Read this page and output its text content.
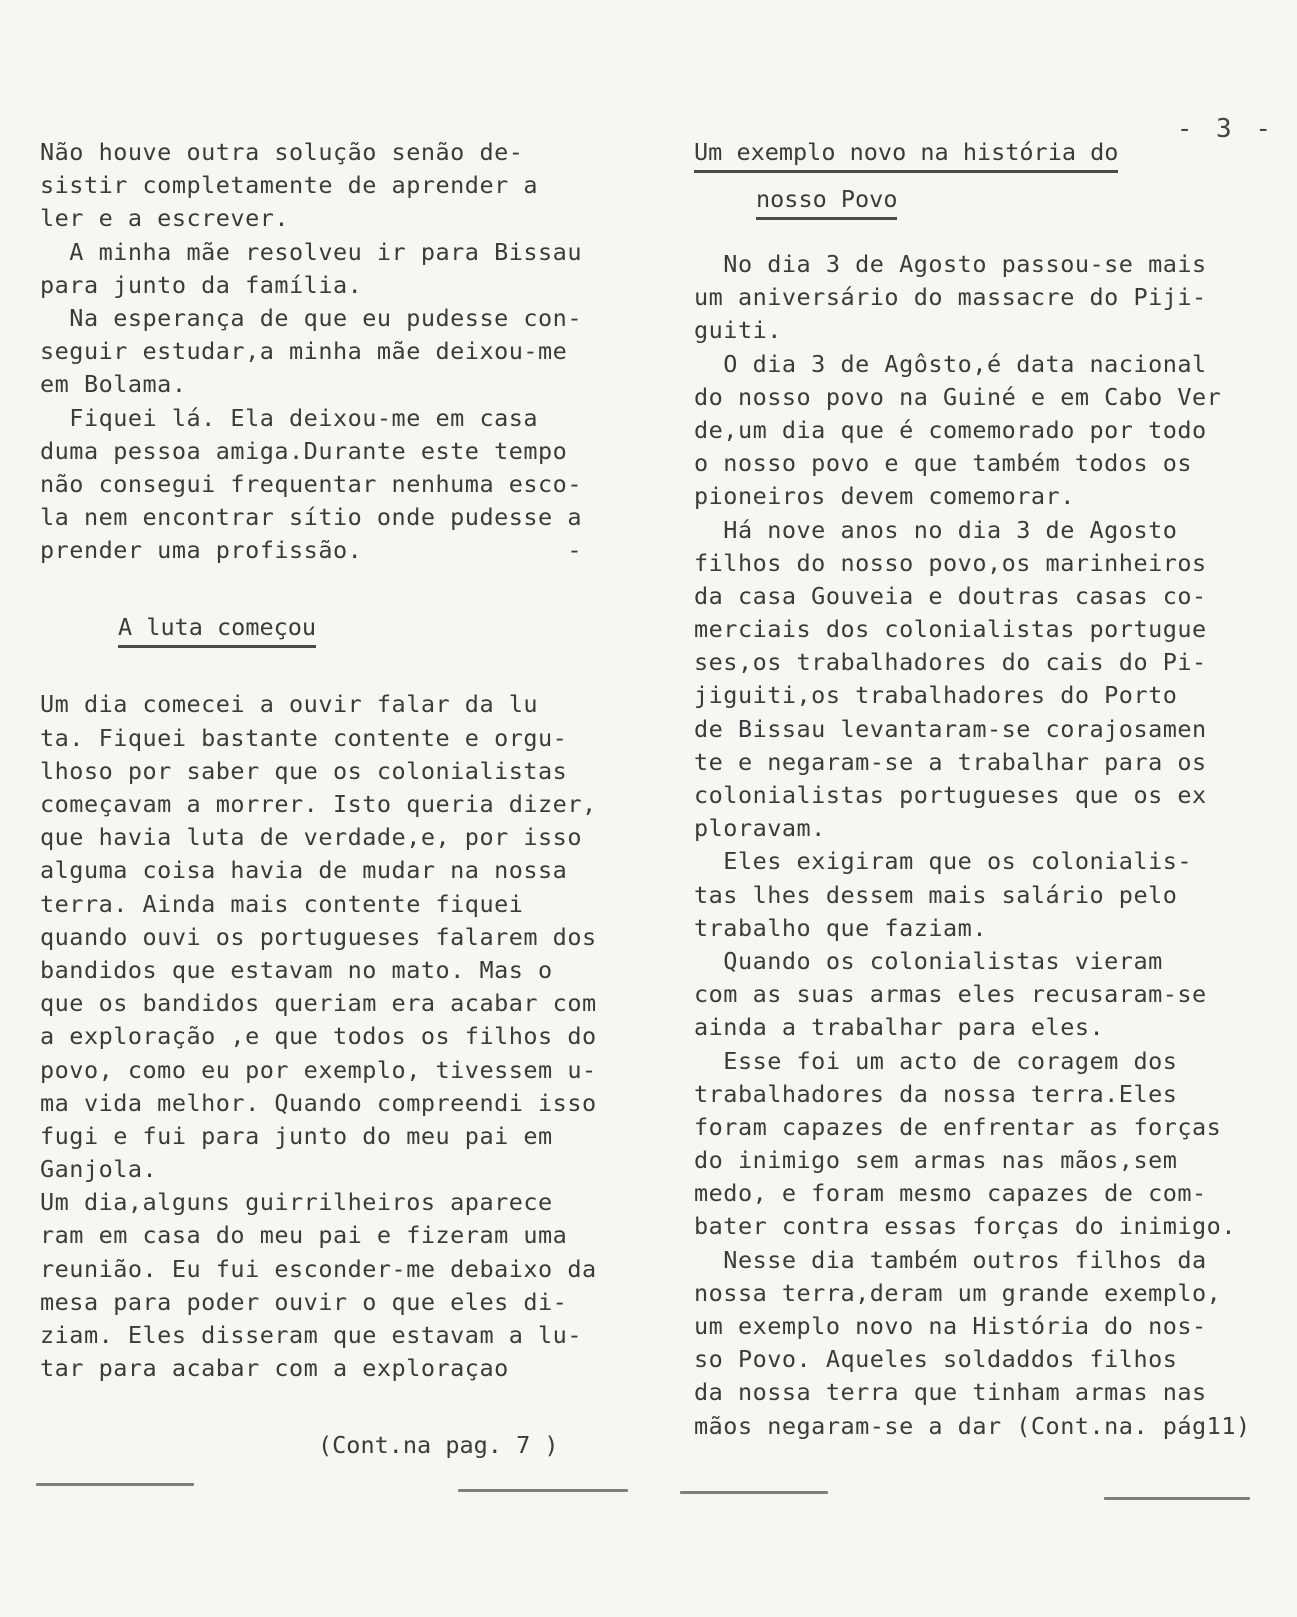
- 3 -
Não houve outra solução senão de-
sistir completamente de aprender a
ler e a escrever.
A minha mãe resolveu ir para Bissau
para junto da família.
Na esperança de que eu pudesse con-
seguir estudar,a minha mãe deixou-me
em Bolama.
Fiquei lá. Ela deixou-me em casa
duma pessoa amiga.Durante este tempo
não consegui frequentar nenhuma esco-
la nem encontrar sítio onde pudesse a
prender uma profissão.              -
A luta começou
Um dia comecei a ouvir falar da lu
ta. Fiquei bastante contente e orgu-
lhoso por saber que os colonialistas
começavam a morrer. Isto queria dizer,
que havia luta de verdade,e, por isso
alguma coisa havia de mudar na nossa
terra. Ainda mais contente fiquei
quando ouvi os portugueses falarem dos
bandidos que estavam no mato. Mas o
que os bandidos queriam era acabar com
a exploração ,e que todos os filhos do
povo, como eu por exemplo, tivessem u-
ma vida melhor. Quando compreendi isso
fugi e fui para junto do meu pai em
Ganjola.
Um dia,alguns guirrilheiros aparece
ram em casa do meu pai e fizeram uma
reunião. Eu fui esconder-me debaixo da
mesa para poder ouvir o que eles di-
ziam. Eles disseram que estavam a lu-
tar para acabar com a exploraçao
(Cont.na pag. 7 )
Um exemplo novo na história do
nosso Povo
No dia 3 de Agosto passou-se mais
um aniversário do massacre do Piji-
guiti.
O dia 3 de Agôsto,é data nacional
do nosso povo na Guiné e em Cabo Ver
de,um dia que é comemorado por todo
o nosso povo e que também todos os
pioneiros devem comemorar.
Há nove anos no dia 3 de Agosto
filhos do nosso povo,os marinheiros
da casa Gouveia e doutras casas co-
merciais dos colonialistas portugue
ses,os trabalhadores do cais do Pi-
jiguiti,os trabalhadores do Porto
de Bissau levantaram-se corajosamen
te e negaram-se a trabalhar para os
colonialistas portugueses que os ex
ploravam.
Eles exigiram que os colonialis-
tas lhes dessem mais salário pelo
trabalho que faziam.
Quando os colonialistas vieram
com as suas armas eles recusaram-se
ainda a trabalhar para eles.
Esse foi um acto de coragem dos
trabalhadores da nossa terra.Eles
foram capazes de enfrentar as forças
do inimigo sem armas nas mãos,sem
medo, e foram mesmo capazes de com-
bater contra essas forças do inimigo.
Nesse dia também outros filhos da
nossa terra,deram um grande exemplo,
um exemplo novo na História do nos-
so Povo. Aqueles soldaddos filhos
da nossa terra que tinham armas nas
mãos negaram-se a dar (Cont.na. pág11)
